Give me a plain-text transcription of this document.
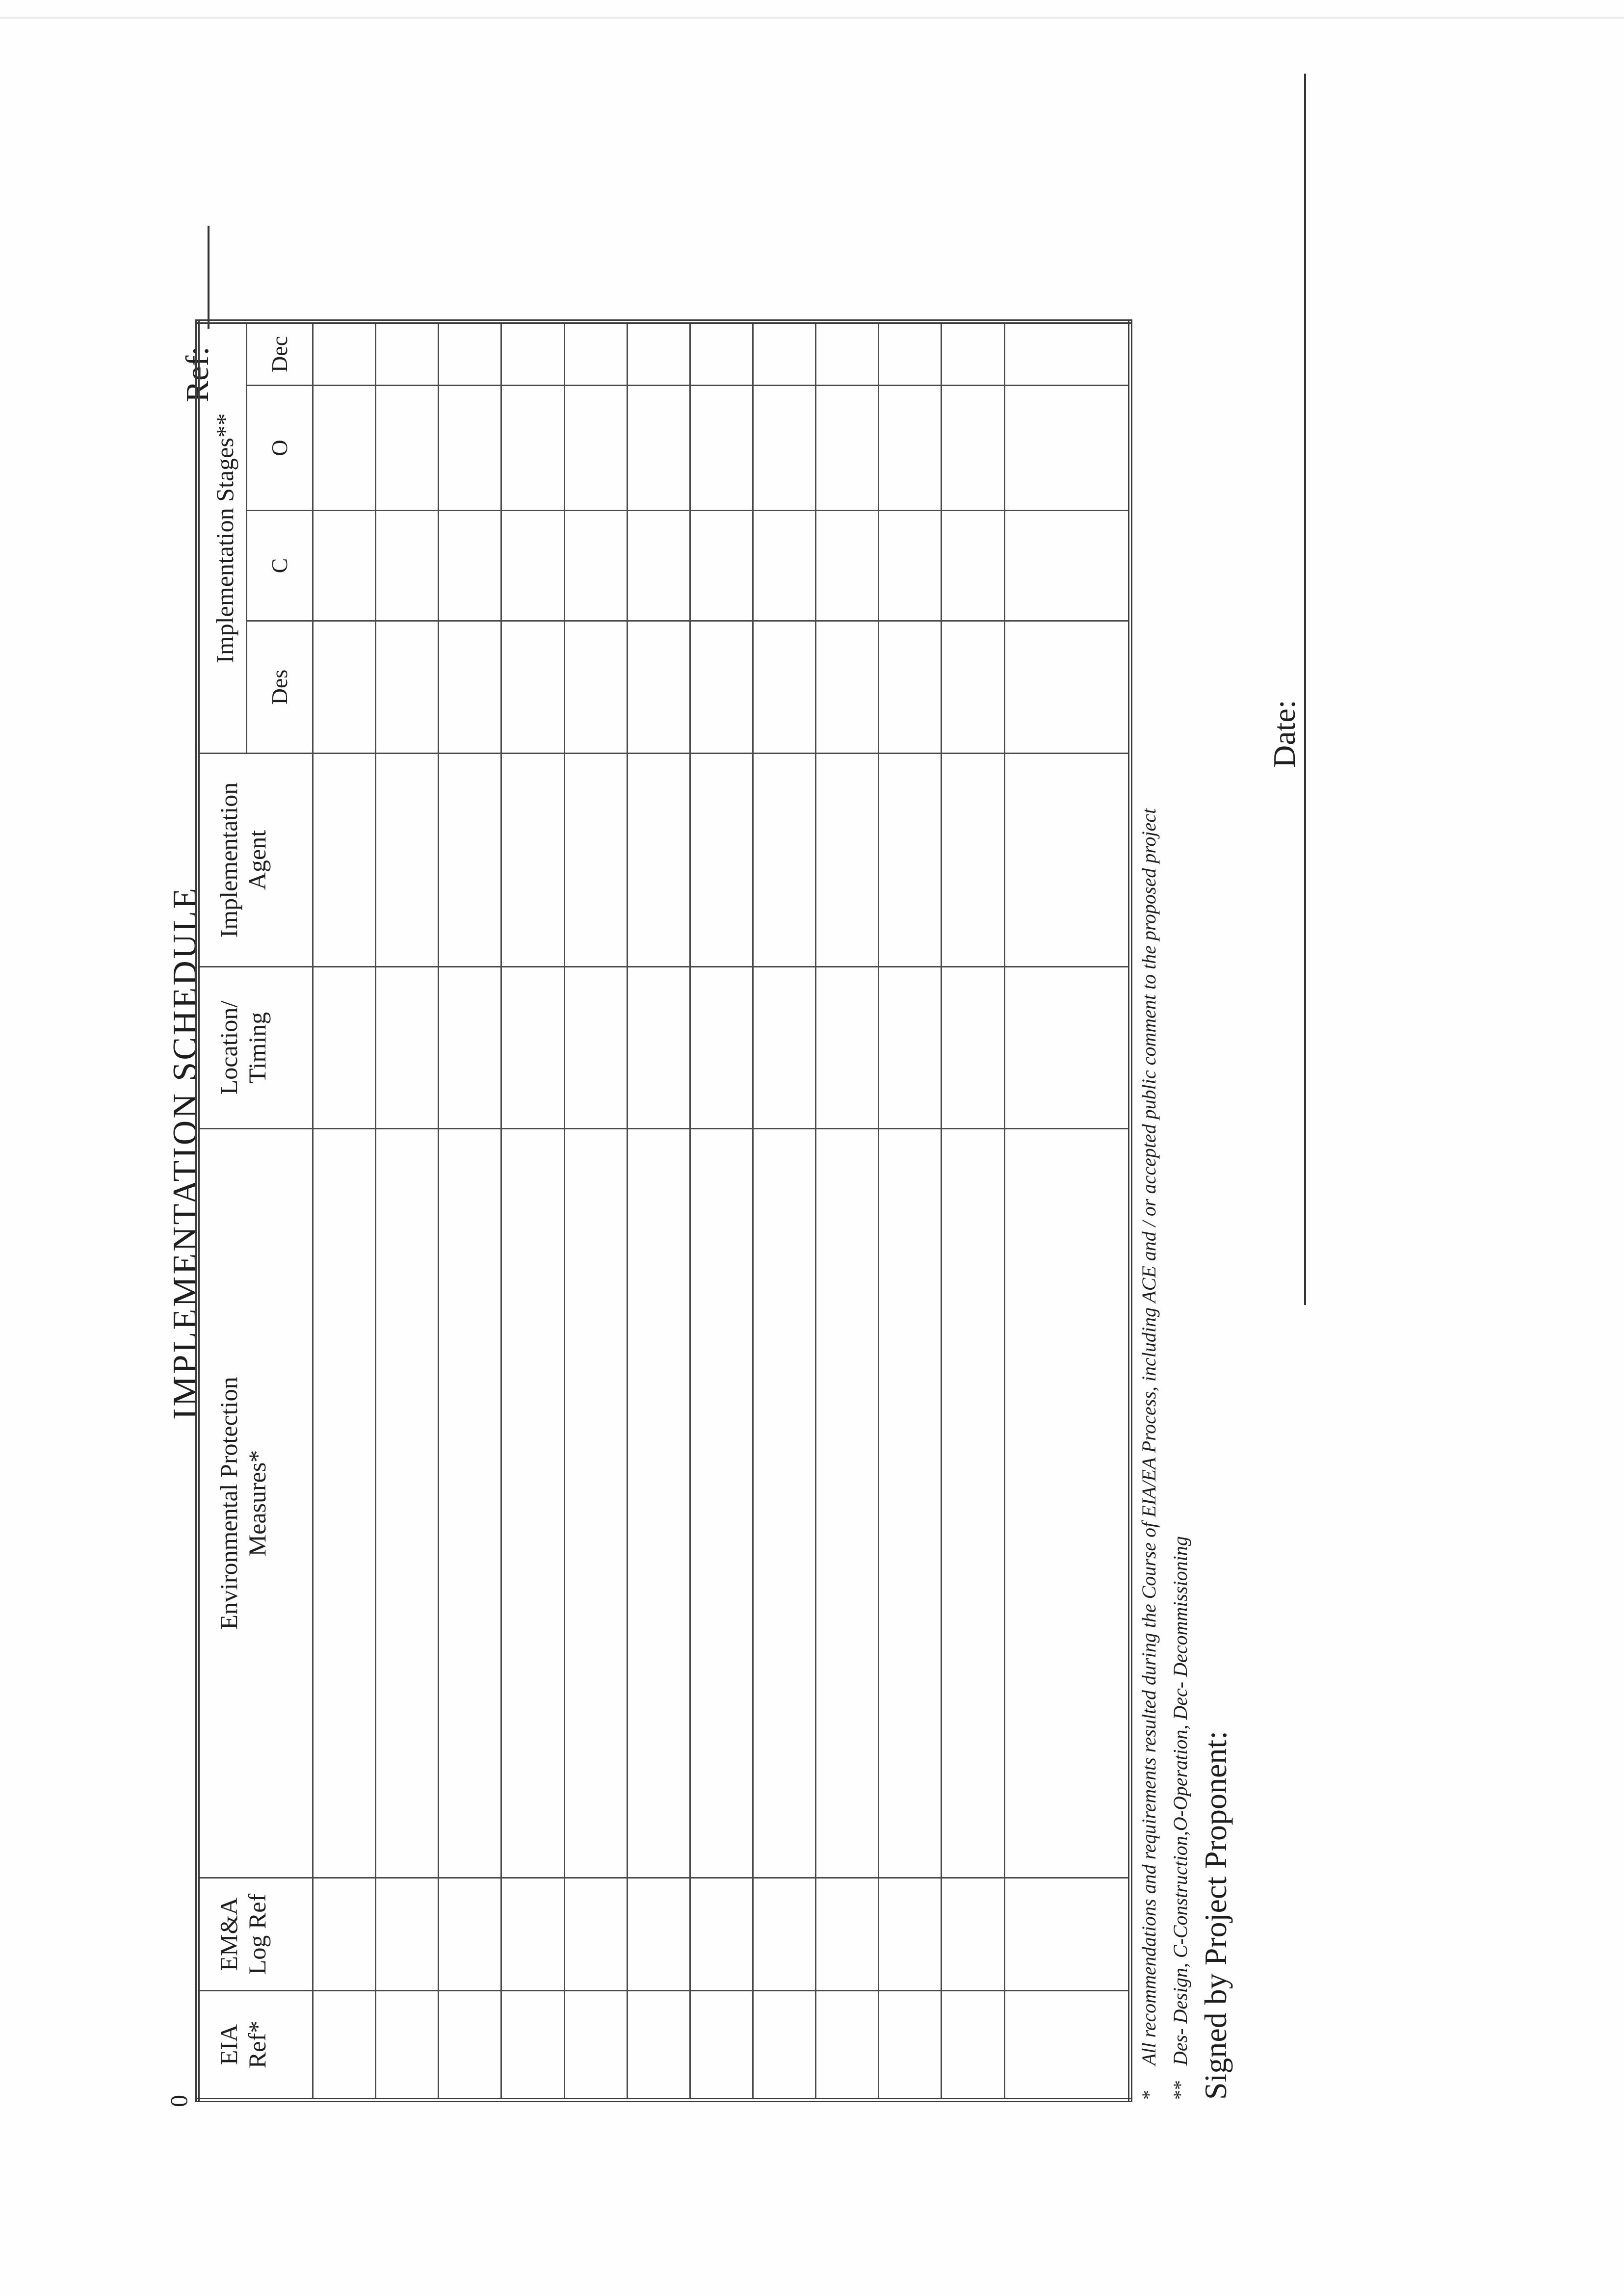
0
IMPLEMENTATION SCHEDULE
Ref:
EIA Ref*	EM&A Log Ref	Environmental Protection Measures*	Location/ Timing	Implementation Agent	Implementation Stages**			
					Des	C	O	Dec

*
All recommendations and requirements resulted during the Course of EIA/EA Process, including ACE and / or accepted public comment to the proposed project
**
Des- Design, C-Construction,O-Operation, Dec- Decommissioning Signed by Project Proponent:
Date:
